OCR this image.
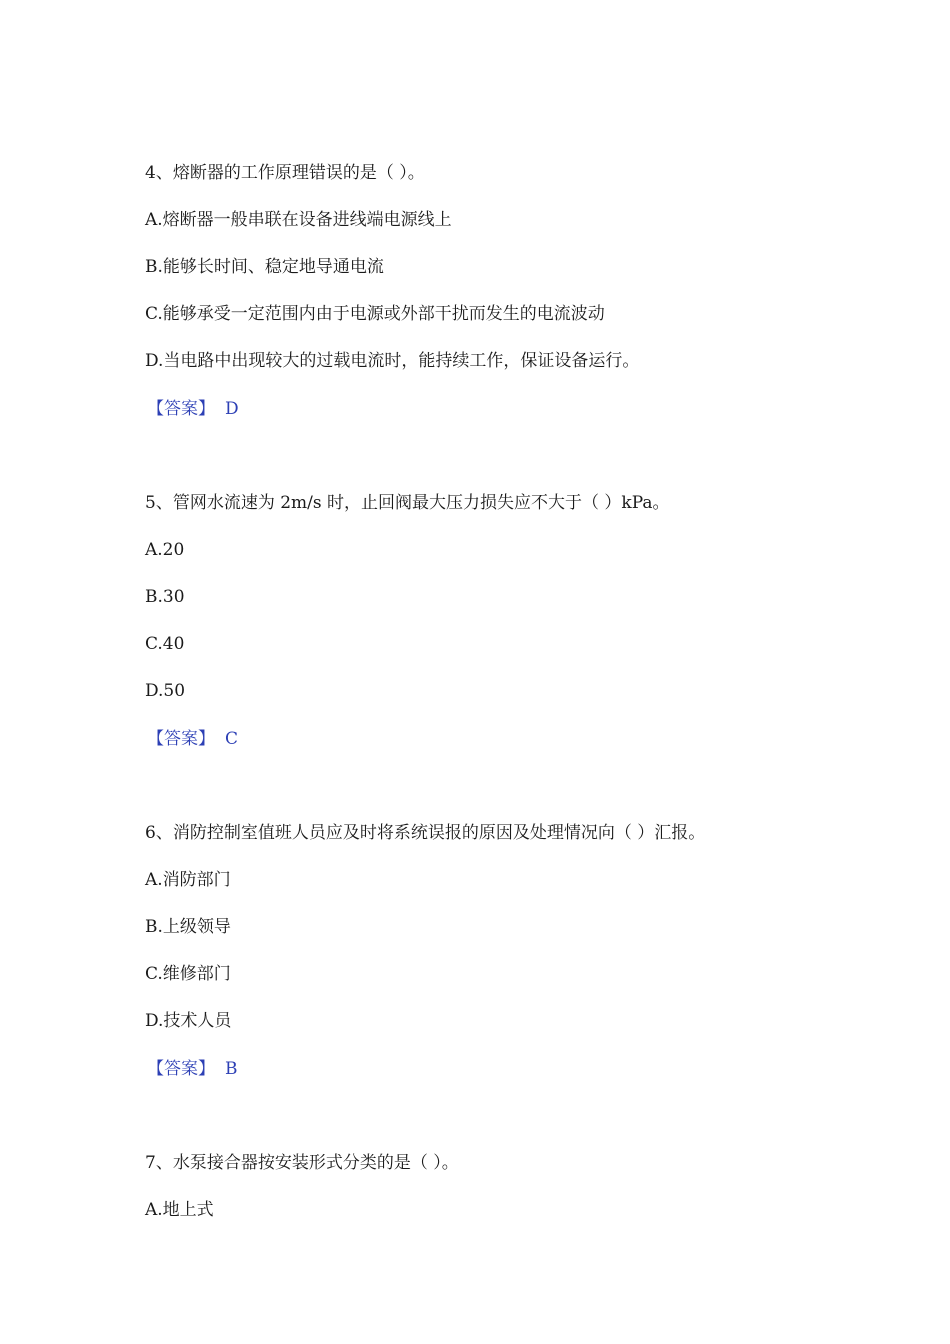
4、熔断器的工作原理错误的是（ ）。
A.熔断器一般串联在设备进线端电源线上
B.能够长时间、稳定地导通电流
C.能够承受一定范围内由于电源或外部干扰而发生的电流波动
D.当电路中出现较大的过载电流时，能持续工作，保证设备运行。
【答案】 D
5、管网水流速为 2m/s 时，止回阀最大压力损失应不大于（ ）kPa。
A.20
B.30
C.40
D.50
【答案】 C
6、消防控制室值班人员应及时将系统误报的原因及处理情况向（ ）汇报。
A.消防部门
B.上级领导
C.维修部门
D.技术人员
【答案】 B
7、水泵接合器按安装形式分类的是（ ）。
A.地上式
